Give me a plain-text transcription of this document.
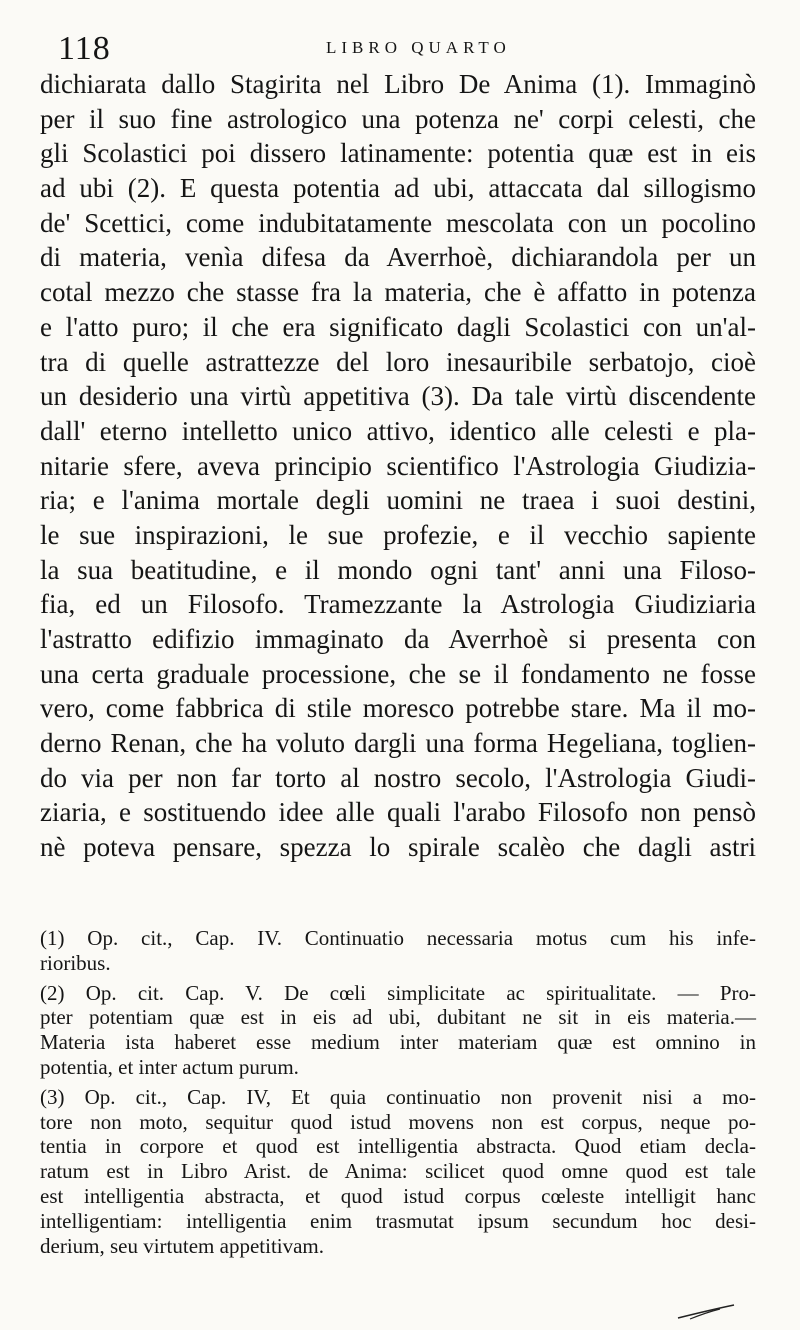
118	LIBRO QUARTO
dichiarata dallo Stagirita nel Libro De Anima (1). Immaginò
per il suo fine astrologico una potenza ne' corpi celesti, che
gli Scolastici poi dissero latinamente: potentia quæ est in eis
ad ubi (2). E questa potentia ad ubi, attaccata dal sillogismo
de' Scettici, come indubitatamente mescolata con un pocolino
di materia, venìa difesa da Averrhoè, dichiarandola per un
cotal mezzo che stasse fra la materia, che è affatto in potenza
e l'atto puro; il che era significato dagli Scolastici con un'al-
tra di quelle astrattezze del loro inesauribile serbatojo, cioè
un desiderio una virtù appetitiva (3). Da tale virtù discendente
dall' eterno intelletto unico attivo, identico alle celesti e pla-
nitarie sfere, aveva principio scientifico l'Astrologia Giudizia-
ria; e l'anima mortale degli uomini ne traea i suoi destini,
le sue inspirazioni, le sue profezie, e il vecchio sapiente
la sua beatitudine, e il mondo ogni tant' anni una Filoso-
fia, ed un Filosofo. Tramezzante la Astrologia Giudiziaria
l'astratto edifizio immaginato da Averrhoè si presenta con
una certa graduale processione, che se il fondamento ne fosse
vero, come fabbrica di stile moresco potrebbe stare. Ma il mo-
derno Renan, che ha voluto dargli una forma Hegeliana, toglien-
do via per non far torto al nostro secolo, l'Astrologia Giudi-
ziaria, e sostituendo idee alle quali l'arabo Filosofo non pensò
nè poteva pensare, spezza lo spirale scalèo che dagli astri
(1) Op. cit., Cap. IV. Continuatio necessaria motus cum his infe-
rioribus.
(2) Op. cit. Cap. V. De cœli simplicitate ac spiritualitate. — Pro-
pter potentiam quæ est in eis ad ubi, dubitant ne sit in eis materia.—
Materia ista haberet esse medium inter materiam quæ est omnino in
potentia, et inter actum purum.
(3) Op. cit., Cap. IV, Et quia continuatio non provenit nisi a mo-
tore non moto, sequitur quod istud movens non est corpus, neque po-
tentia in corpore et quod est intelligentia abstracta. Quod etiam decla-
ratum est in Libro Arist. de Anima: scilicet quod omne quod est tale
est intelligentia abstracta, et quod istud corpus cœleste intelligit hanc
intelligentiam: intelligentia enim trasmutat ipsum secundum hoc desi-
derium, seu virtutem appetitivam.
